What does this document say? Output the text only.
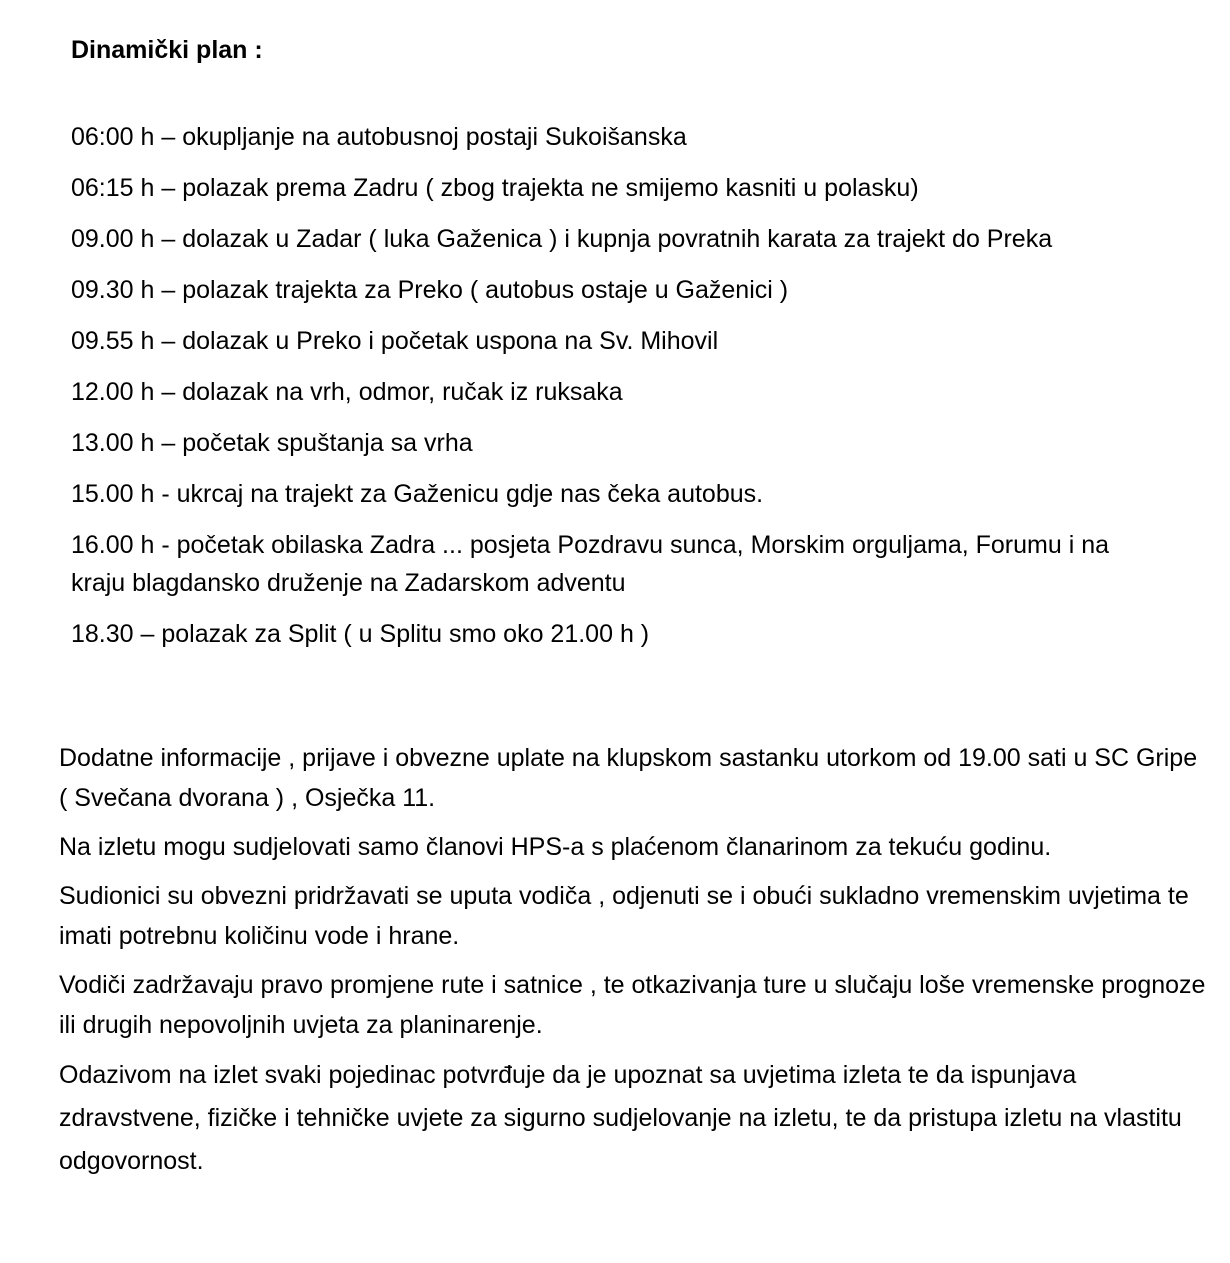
Dinamički plan :
06:00 h – okupljanje na autobusnoj postaji Sukoišanska
06:15 h – polazak prema Zadru ( zbog trajekta ne smijemo kasniti u polasku)
09.00 h – dolazak u Zadar ( luka Gaženica ) i kupnja povratnih karata za trajekt do Preka
09.30 h – polazak trajekta za Preko ( autobus ostaje u Gaženici )
09.55 h – dolazak u Preko i početak uspona na Sv. Mihovil
12.00 h – dolazak na vrh, odmor, ručak iz ruksaka
13.00 h – početak spuštanja sa vrha
15.00 h - ukrcaj na trajekt za Gaženicu gdje nas čeka autobus.
16.00 h - početak obilaska Zadra ... posjeta Pozdravu sunca, Morskim orguljama, Forumu i na kraju blagdansko druženje na Zadarskom adventu
18.30 – polazak za Split ( u Splitu smo oko 21.00 h )

Dodatne informacije , prijave i obvezne uplate na klupskom sastanku utorkom od 19.00 sati u SC Gripe ( Svečana dvorana ) , Osječka 11.

Na izletu mogu sudjelovati samo članovi HPS-a s plaćenom članarinom za tekuću godinu.

Sudionici su obvezni pridržavati se uputa vodiča , odjenuti se i obući sukladno vremenskim uvjetima te imati potrebnu količinu vode i hrane.

Vodiči zadržavaju pravo promjene rute i satnice , te otkazivanja ture u slučaju loše vremenske prognoze ili drugih nepovoljnih uvjeta za planinarenje.

Odazivom na izlet svaki pojedinac potvrđuje da je upoznat sa uvjetima izleta te da ispunjava zdravstvene, fizičke i tehničke uvjete za sigurno sudjelovanje na izletu, te da pristupa izletu na vlastitu odgovornost.
